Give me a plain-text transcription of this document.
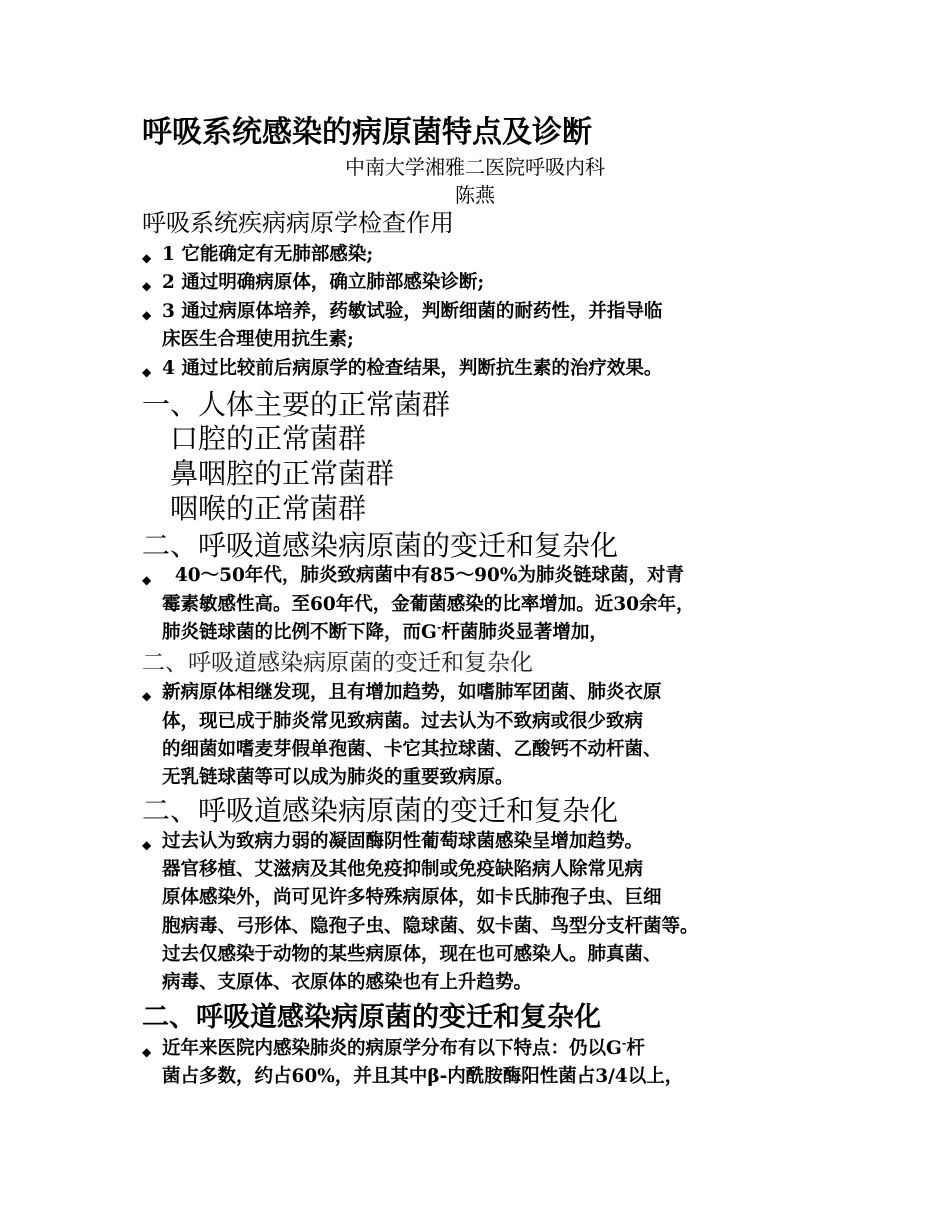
呼吸系统感染的病原菌特点及诊断
中南大学湘雅二医院呼吸内科
陈燕
呼吸系统疾病病原学检查作用
◆ 1 它能确定有无肺部感染;
◆ 2 通过明确病原体，确立肺部感染诊断;
◆ 3 通过病原体培养，药敏试验，判断细菌的耐药性，并指导临
床医生合理使用抗生素;
◆ 4 通过比较前后病原学的检查结果，判断抗生素的治疗效果。
一、人体主要的正常菌群
口腔的正常菌群
鼻咽腔的正常菌群
咽喉的正常菌群
二、呼吸道感染病原菌的变迁和复杂化
◆ 40～50年代，肺炎致病菌中有85～90%为肺炎链球菌，对青
霉素敏感性高。至60年代，金葡菌感染的比率增加。近30余年，
肺炎链球菌的比例不断下降，而G-杆菌肺炎显著增加，
二、呼吸道感染病原菌的变迁和复杂化
◆ 新病原体相继发现，且有增加趋势，如嗜肺军团菌、肺炎衣原
体，现已成于肺炎常见致病菌。过去认为不致病或很少致病
的细菌如嗜麦芽假单孢菌、卡它其拉球菌、乙酸钙不动杆菌、
无乳链球菌等可以成为肺炎的重要致病原。
二、呼吸道感染病原菌的变迁和复杂化
◆ 过去认为致病力弱的凝固酶阴性葡萄球菌感染呈增加趋势。
器官移植、艾滋病及其他免疫抑制或免疫缺陷病人除常见病
原体感染外，尚可见许多特殊病原体，如卡氏肺孢子虫、巨细
胞病毒、弓形体、隐孢子虫、隐球菌、奴卡菌、鸟型分支杆菌等。
过去仅感染于动物的某些病原体，现在也可感染人。肺真菌、
病毒、支原体、衣原体的感染也有上升趋势。
二、呼吸道感染病原菌的变迁和复杂化
◆ 近年来医院内感染肺炎的病原学分布有以下特点：仍以G-杆
菌占多数，约占60%，并且其中β-内酰胺酶阳性菌占3/4以上，
